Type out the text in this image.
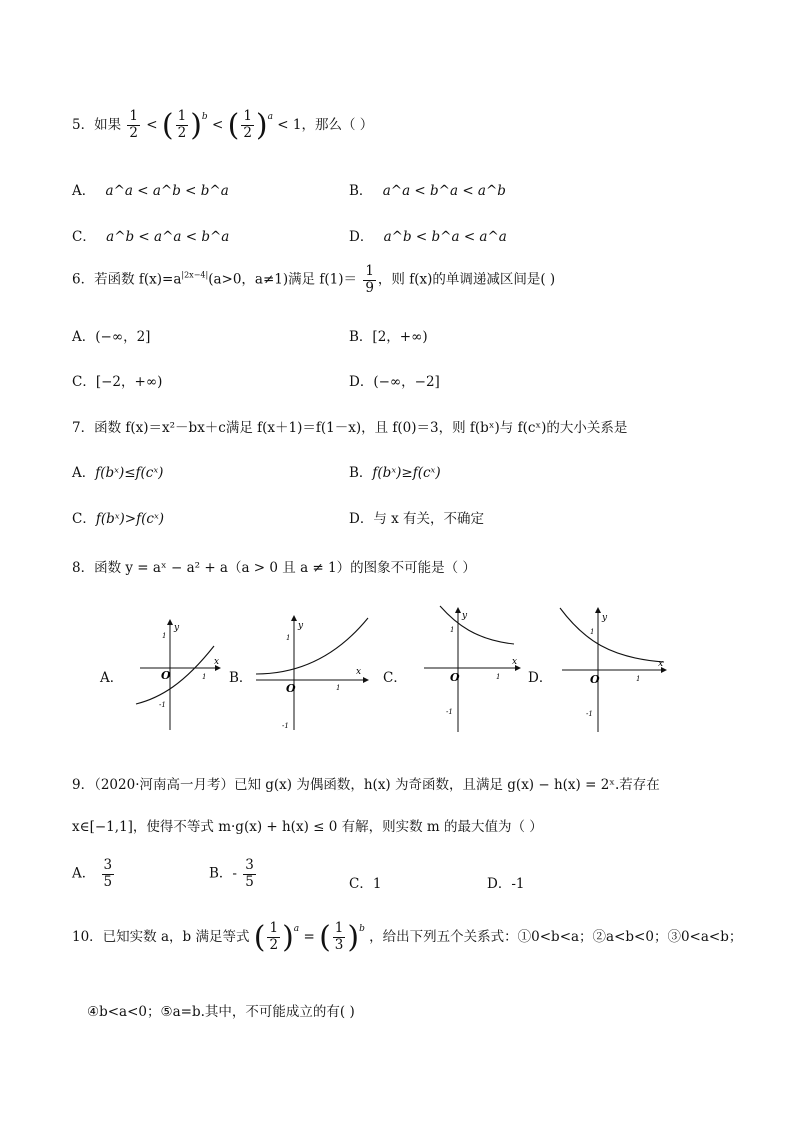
5．如果 $\frac{1}{2}$ < ( $\frac{1}{2} )^b$ < ( $\frac{1}{2} )^a < 1$，那么（ ）
A． a^a < a^b < b^a	B． a^a < b^a < a^b
C． a^b < a^a < b^a	D． a^b < b^a < a^a
6．若函数 $f(x)=a^{|2x-4|}(a>0$，a≠1)满足 $f(1)= \frac{1}{9}$ ，则 f(x)的单调递减区间是( )
A．(−∞，2]	B．[2，+∞)
C．[−2，+∞)	D．(−∞，−2]
7．函数 f(x)＝x²－bx＋c满足 f(x＋1)＝f(1－x)，且 f(0)＝3，则 f(bˣ)与 f(cˣ)的大小关系是
A．f(bˣ)≤f(cˣ)	B．f(bˣ)≥f(cˣ)
C．f(bˣ)>f(cˣ)	D．与 x 有关，不确定
8．函数 y = aˣ − a² + a（a > 0 且 a ≠ 1）的图象不可能是（ ）
A．	B．	C．	D．
y
x
O
1
1
-1
y
x
O
1
1
-1
y
x
O
1
1
-1
y
x
O
1
1
-1
9．（2020·河南高一月考）已知 g(x) 为偶函数，h(x) 为奇函数，且满足 g(x) − h(x) = 2ˣ.若存在
x∈[−1,1]，使得不等式 m·g(x) + h(x) ≤ 0 有解，则实数 m 的最大值为（ ）
A． $\frac{3}{5}$	B．- $\frac{3}{5}$	C．1	D．-1
10．已知实数 a，b 满足等式 ( $\frac{1}{2} )^a$ = ( $\frac{1}{3} )^b$ ，给出下列五个关系式：①0<b<a；②a<b<0；③0<a<b；
④b<a<0；⑤a=b.其中，不可能成立的有( )
